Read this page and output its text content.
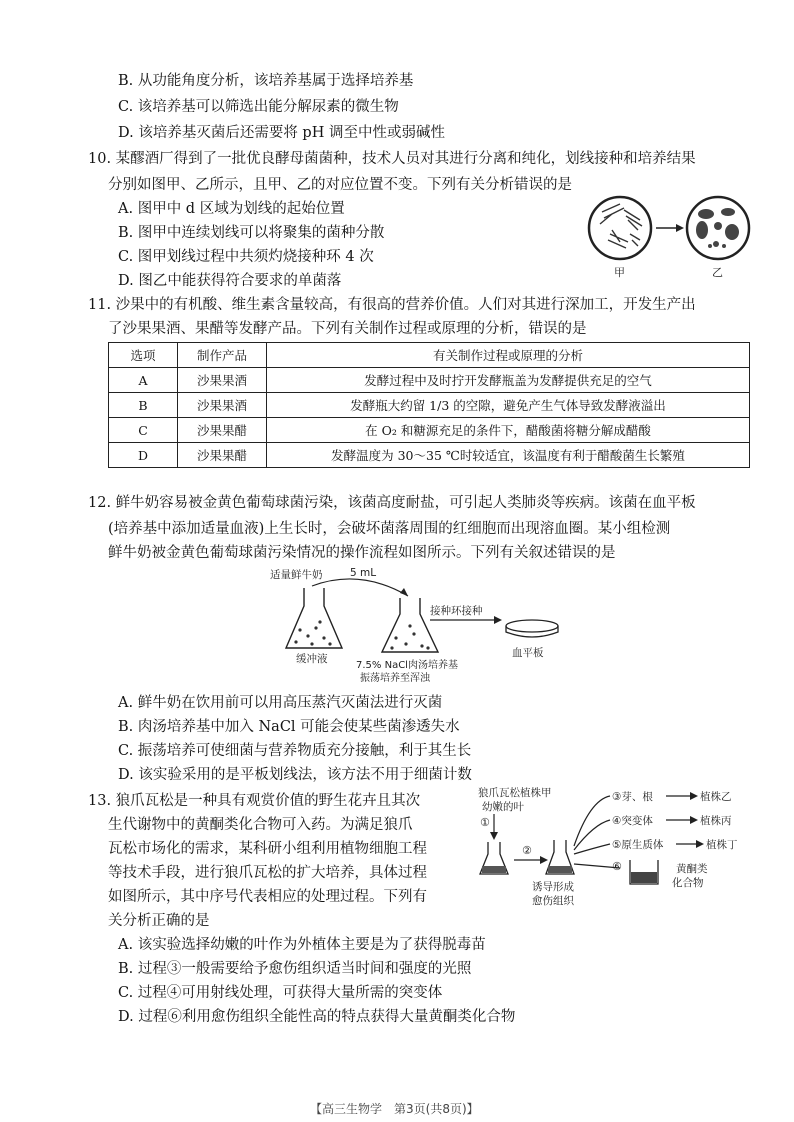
B. 从功能角度分析，该培养基属于选择培养基
C. 该培养基可以筛选出能分解尿素的微生物
D. 该培养基灭菌后还需要将 pH 调至中性或弱碱性
10. 某醪酒厂得到了一批优良酵母菌菌种，技术人员对其进行分离和纯化，划线接种和培养结果
分别如图甲、乙所示，且甲、乙的对应位置不变。下列有关分析错误的是
A. 图甲中 d 区域为划线的起始位置
B. 图甲中连续划线可以将聚集的菌种分散
C. 图甲划线过程中共须灼烧接种环 4 次
D. 图乙中能获得符合要求的单菌落
甲	乙
11. 沙果中的有机酸、维生素含量较高，有很高的营养价值。人们对其进行深加工，开发生产出
了沙果果酒、果醋等发酵产品。下列有关制作过程或原理的分析，错误的是
选项	制作产品	有关制作过程或原理的分析
A	沙果果酒	发酵过程中及时拧开发酵瓶盖为发酵提供充足的空气
B	沙果果酒	发酵瓶大约留 1/3 的空隙，避免产生气体导致发酵液溢出
C	沙果果醋	在 O₂ 和糖源充足的条件下，醋酸菌将糖分解成醋酸
D	沙果果醋	发酵温度为 30～35 ℃时较适宜，该温度有利于醋酸菌生长繁殖
12. 鲜牛奶容易被金黄色葡萄球菌污染，该菌高度耐盐，可引起人类肺炎等疾病。该菌在血平板
(培养基中添加适量血液)上生长时，会破坏菌落周围的红细胞而出现溶血圈。某小组检测
鲜牛奶被金黄色葡萄球菌污染情况的操作流程如图所示。下列有关叙述错误的是
适量鲜牛奶	5 mL
缓冲液
7.5% NaCl肉汤培养基
振荡培养至浑浊
接种环接种
血平板
A. 鲜牛奶在饮用前可以用高压蒸汽灭菌法进行灭菌
B. 肉汤培养基中加入 NaCl 可能会使某些菌渗透失水
C. 振荡培养可使细菌与营养物质充分接触，利于其生长
D. 该实验采用的是平板划线法，该方法不用于细菌计数
13. 狼爪瓦松是一种具有观赏价值的野生花卉且其次
生代谢物中的黄酮类化合物可入药。为满足狼爪
瓦松市场化的需求，某科研小组利用植物细胞工程
等技术手段，进行狼爪瓦松的扩大培养，具体过程
如图所示，其中序号代表相应的处理过程。下列有
关分析正确的是
狼爪瓦松植株甲
幼嫩的叶
①
②
诱导形成
愈伤组织
③芽、根
④突变体
⑤原生质体
⑥
植株乙
植株丙
植株丁
黄酮类
化合物
A. 该实验选择幼嫩的叶作为外植体主要是为了获得脱毒苗
B. 过程③一般需要给予愈伤组织适当时间和强度的光照
C. 过程④可用射线处理，可获得大量所需的突变体
D. 过程⑥利用愈伤组织全能性高的特点获得大量黄酮类化合物
【高三生物学　第3页(共8页)】
